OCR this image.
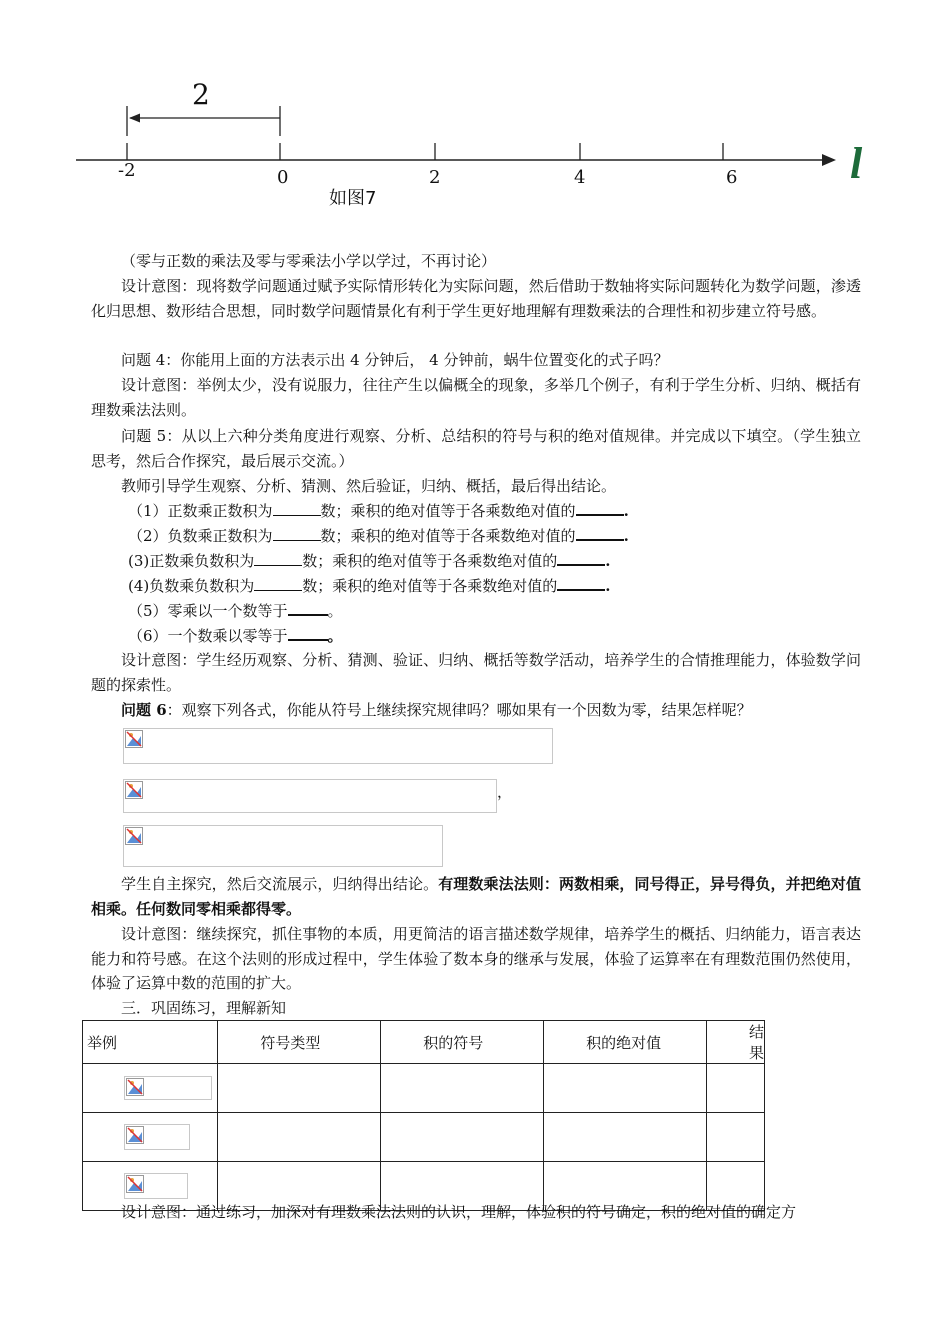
2
-2	0	2	4	6	l
如图7
（零与正数的乘法及零与零乘法小学以学过，不再讨论）
设计意图：现将数学问题通过赋予实际情形转化为实际问题，然后借助于数轴将实际问题转化为数学问题，渗透化归思想、数形结合思想，同时数学问题情景化有利于学生更好地理解有理数乘法的合理性和初步建立符号感。
问题 4：你能用上面的方法表示出 4 分钟后， 4 分钟前，蜗牛位置变化的式子吗？
设计意图：举例太少，没有说服力，往往产生以偏概全的现象，多举几个例子，有利于学生分析、归纳、概括有理数乘法法则。
问题 5：从以上六种分类角度进行观察、分析、总结积的符号与积的绝对值规律。并完成以下填空。（学生独立思考，然后合作探究，最后展示交流。）
教师引导学生观察、分析、猜测、然后验证，归纳、概括，最后得出结论。
（1）正数乘正数积为	数；乘积的绝对值等于各乘数绝对值的	.
（2）负数乘正数积为	数；乘积的绝对值等于各乘数绝对值的	.
(3)正数乘负数积为	数；乘积的绝对值等于各乘数绝对值的	.
(4)负数乘负数积为	数；乘积的绝对值等于各乘数绝对值的	.
（5）零乘以一个数等于	。
（6）一个数乘以零等于	。
设计意图：学生经历观察、分析、猜测、验证、归纳、概括等数学活动，培养学生的合情推理能力，体验数学问题的探索性。
问题 6：观察下列各式，你能从符号上继续探究规律吗？哪如果有一个因数为零，结果怎样呢？
，
学生自主探究，然后交流展示，归纳得出结论。有理数乘法法则：两数相乘，同号得正，异号得负，并把绝对值相乘。任何数同零相乘都得零。
设计意图：继续探究，抓住事物的本质，用更简洁的语言描述数学规律，培养学生的概括、归纳能力，语言表达能力和符号感。在这个法则的形成过程中，学生体验了数本身的继承与发展，体验了运算率在有理数范围仍然使用，体验了运算中数的范围的扩大。
三．巩固练习，理解新知
举例	符号类型	积的符号	积的绝对值	结果

设计意图：通过练习，加深对有理数乘法法则的认识，理解，体验积的符号确定，积的绝对值的确定方
